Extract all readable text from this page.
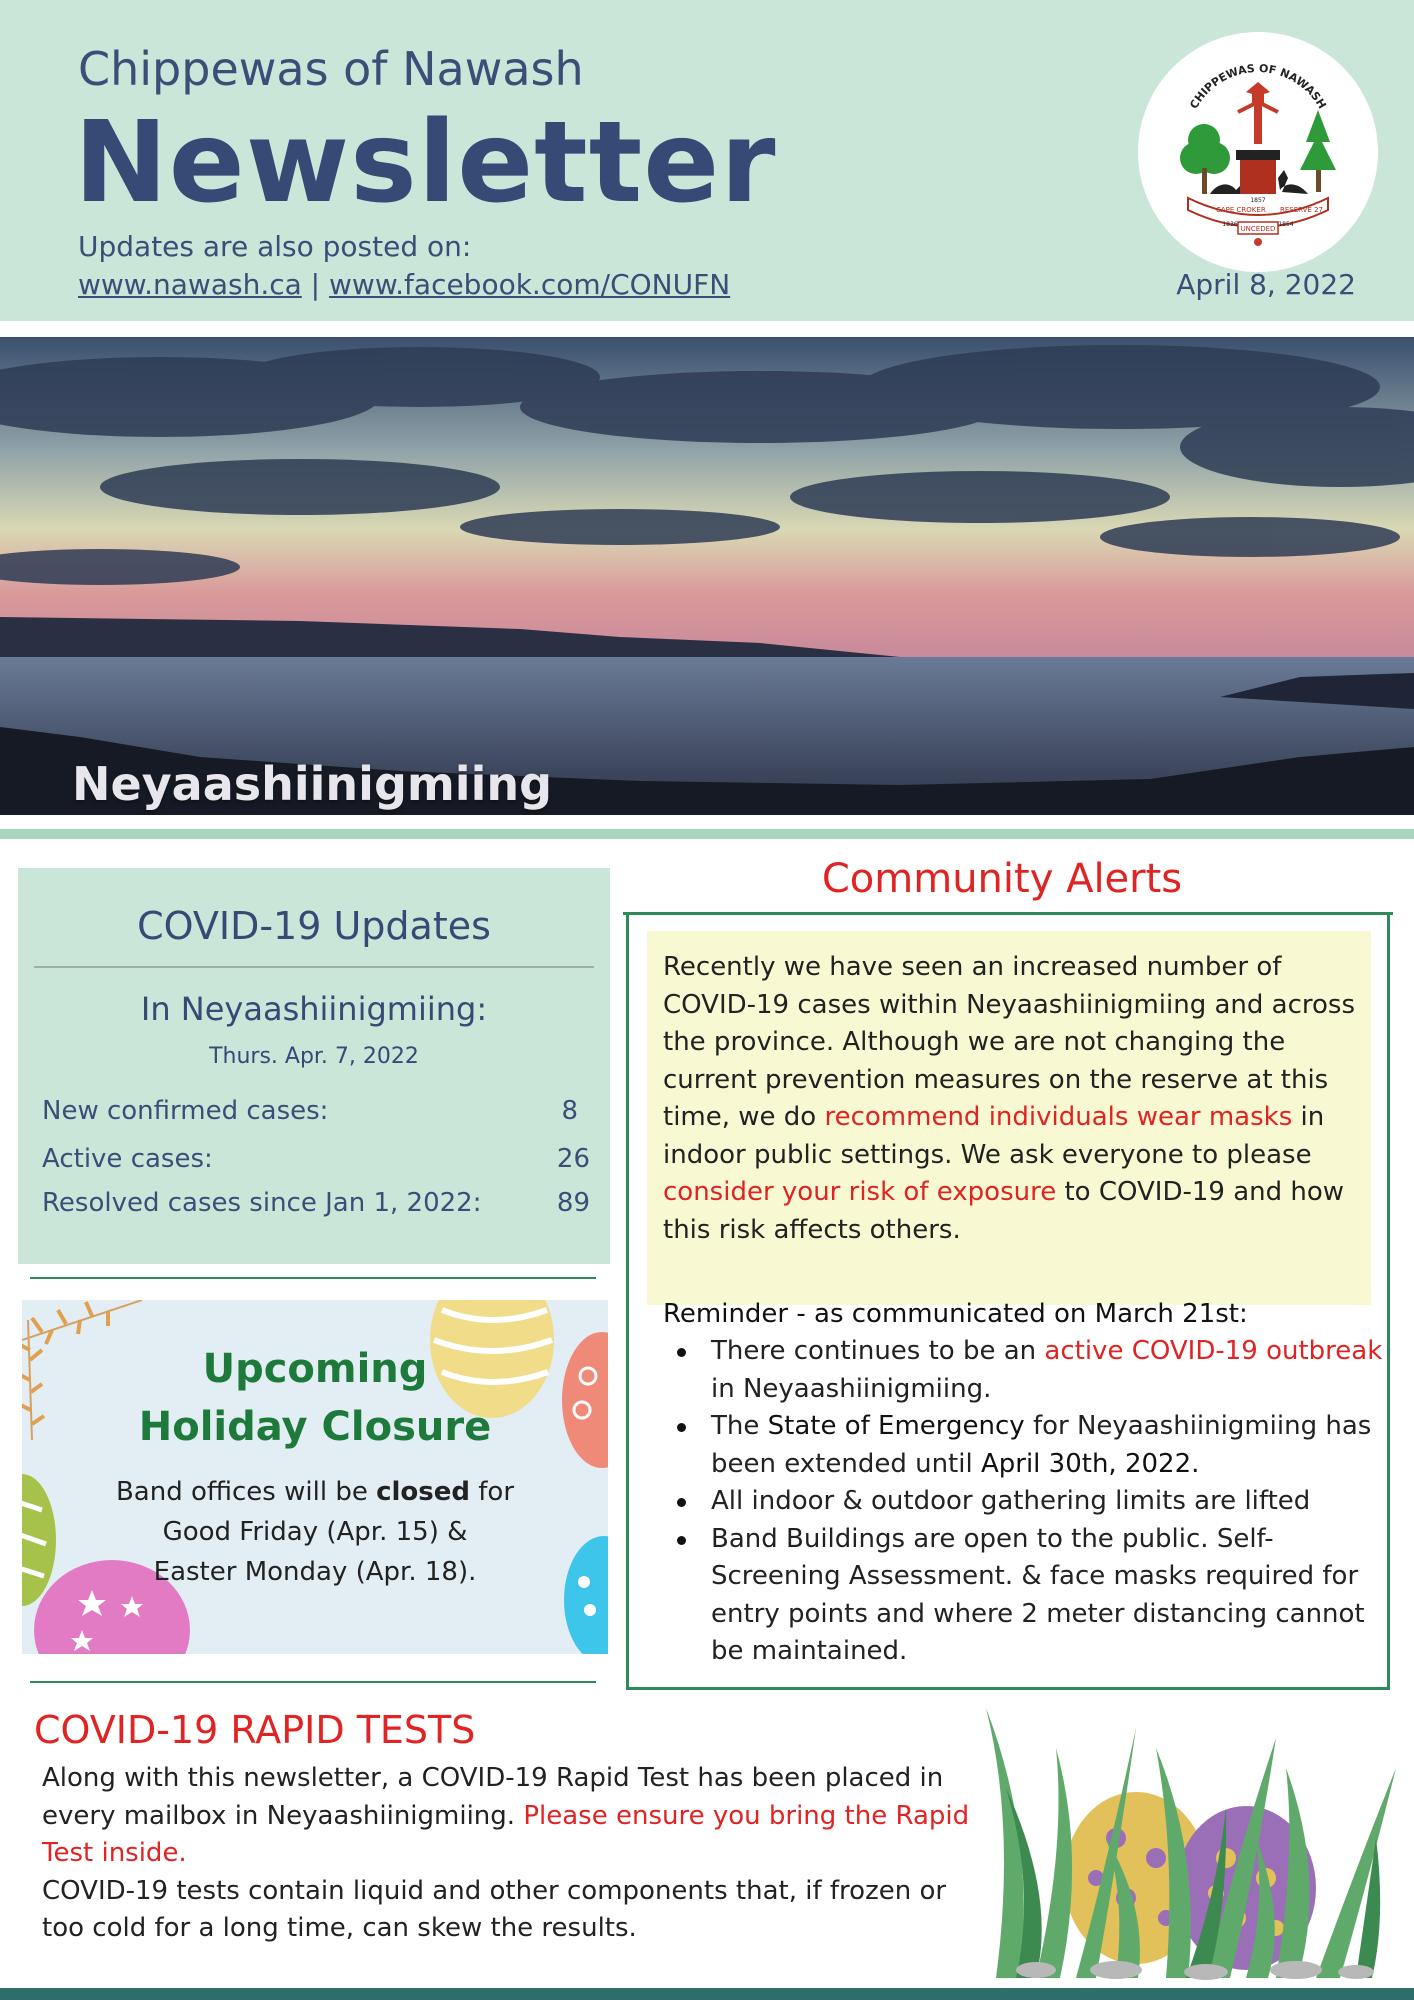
Chippewas of Nawash
Newsletter
Updates are also posted on:
www.nawash.ca | www.facebook.com/CONUFN
CHIPPEWAS OF NAWASH
CAPE CROKER RESERVE 27
1857
1836	1854
UNCEDED
April 8, 2022
Neyaashiinigmiing
COVID-19 Updates
In Neyaashiinigmiing:
Thurs. Apr. 7, 2022
New confirmed cases:	8
Active cases:	26
Resolved cases since Jan 1, 2022:	89
Upcoming
Holiday Closure
Band offices will be closed for
Good Friday (Apr. 15) &
Easter Monday (Apr. 18).
Community Alerts
Recently we have seen an increased number of COVID-19 cases within Neyaashiinigmiing and across the province. Although we are not changing the current prevention measures on the reserve at this time, we do recommend individuals wear masks in indoor public settings. We ask everyone to please consider your risk of exposure to COVID-19 and how this risk affects others.
Reminder - as communicated on March 21st:
There continues to be an active COVID-19 outbreak in Neyaashiinigmiing.
The State of Emergency for Neyaashiinigmiing has been extended until April 30th, 2022.
All indoor & outdoor gathering limits are lifted
Band Buildings are open to the public. Self-Screening Assessment. & face masks required for entry points and where 2 meter distancing cannot be maintained.
COVID-19 RAPID TESTS
Along with this newsletter, a COVID-19 Rapid Test has been placed in every mailbox in Neyaashiinigmiing. Please ensure you bring the Rapid Test inside.
COVID-19 tests contain liquid and other components that, if frozen or too cold for a long time, can skew the results.
